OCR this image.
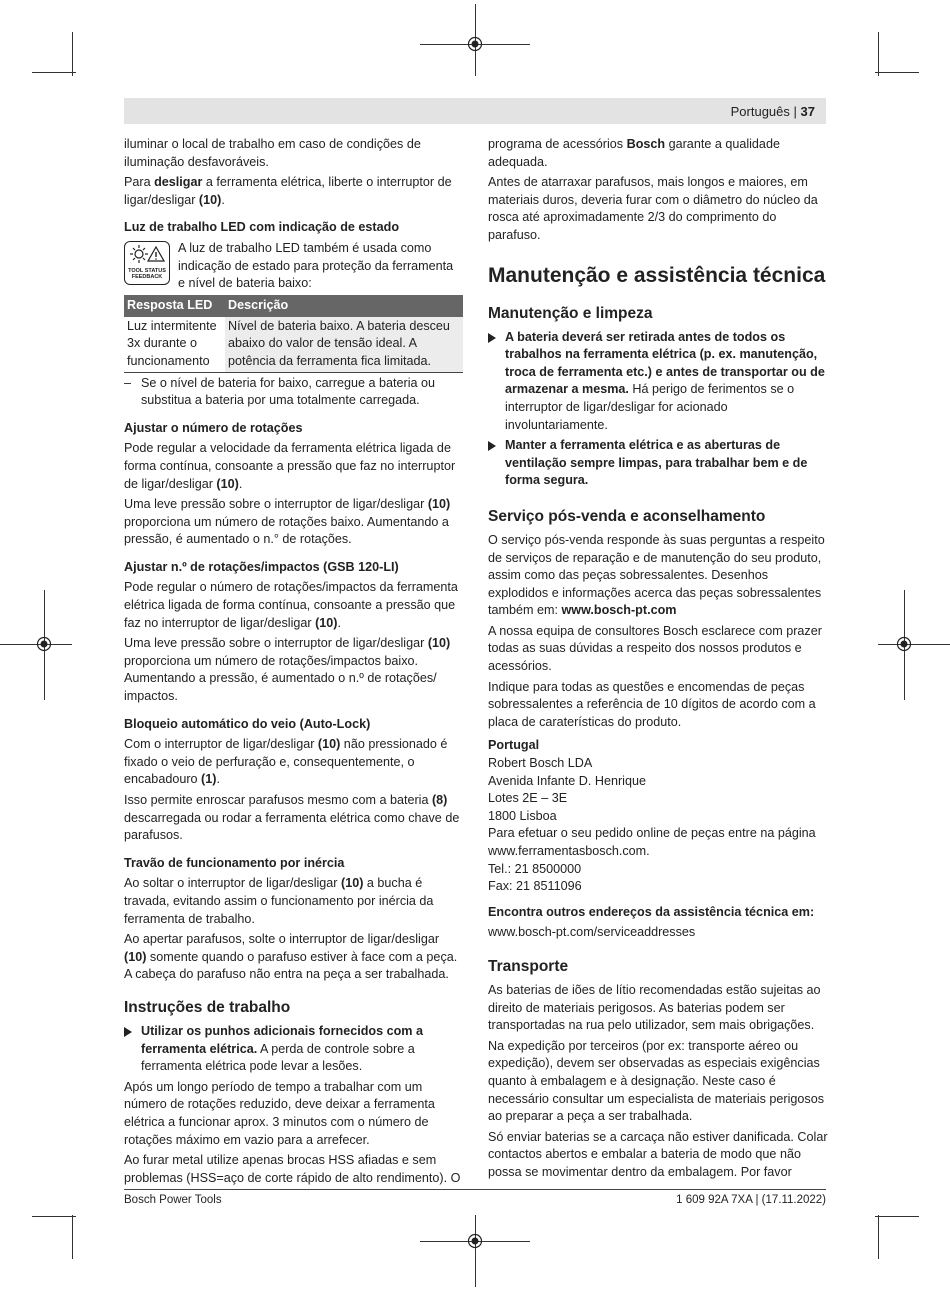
Português | 37

iluminar o local de trabalho em caso de condições de iluminação desfavoráveis.

Para desligar a ferramenta elétrica, liberte o interruptor de ligar/desligar (10).

Luz de trabalho LED com indicação de estado
TOOL STATUS
FEEDBACK
A luz de trabalho LED também é usada como indicação de estado para proteção da ferramenta e nível de bateria baixo:
Resposta LED	Descrição
Luz intermitente 3x durante o funcionamento	Nível de bateria baixo. A bateria desceu abaixo do valor de tensão ideal. A potência da ferramenta fica limitada.
– Se o nível de bateria for baixo, carregue a bateria ou substitua a bateria por uma totalmente carregada.
Ajustar o número de rotações

Pode regular a velocidade da ferramenta elétrica ligada de forma contínua, consoante a pressão que faz no interruptor de ligar/desligar (10).

Uma leve pressão sobre o interruptor de ligar/desligar (10) proporciona um número de rotações baixo. Aumentando a pressão, é aumentado o n.° de rotações.

Ajustar n.º de rotações/impactos (GSB 120-LI)

Pode regular o número de rotações/impactos da ferramenta elétrica ligada de forma contínua, consoante a pressão que faz no interruptor de ligar/desligar (10).

Uma leve pressão sobre o interruptor de ligar/desligar (10) proporciona um número de rotações/impactos baixo. Aumentando a pressão, é aumentado o n.º de rotações/ impactos.

Bloqueio automático do veio (Auto-Lock)

Com o interruptor de ligar/desligar (10) não pressionado é fixado o veio de perfuração e, consequentemente, o encabadouro (1).

Isso permite enroscar parafusos mesmo com a bateria (8) descarregada ou rodar a ferramenta elétrica como chave de parafusos.

Travão de funcionamento por inércia

Ao soltar o interruptor de ligar/desligar (10) a bucha é travada, evitando assim o funcionamento por inércia da ferramenta de trabalho.

Ao apertar parafusos, solte o interruptor de ligar/desligar (10) somente quando o parafuso estiver à face com a peça. A cabeça do parafuso não entra na peça a ser trabalhada.

Instruções de trabalho
Utilizar os punhos adicionais fornecidos com a ferramenta elétrica. A perda de controle sobre a ferramenta elétrica pode levar a lesões.

Após um longo período de tempo a trabalhar com um número de rotações reduzido, deve deixar a ferramenta elétrica a funcionar aprox. 3 minutos com o número de rotações máximo em vazio para a arrefecer.

Ao furar metal utilize apenas brocas HSS afiadas e sem problemas (HSS=aço de corte rápido de alto rendimento). O

programa de acessórios Bosch garante a qualidade adequada.

Antes de atarraxar parafusos, mais longos e maiores, em materiais duros, deveria furar com o diâmetro do núcleo da rosca até aproximadamente 2/3 do comprimento do parafuso.

Manutenção e assistência técnica
Manutenção e limpeza
A bateria deverá ser retirada antes de todos os trabalhos na ferramenta elétrica (p. ex. manutenção, troca de ferramenta etc.) e antes de transportar ou de armazenar a mesma. Há perigo de ferimentos se o interruptor de ligar/desligar for acionado involuntariamente.
Manter a ferramenta elétrica e as aberturas de ventilação sempre limpas, para trabalhar bem e de forma segura.
Serviço pós-venda e aconselhamento

O serviço pós-venda responde às suas perguntas a respeito de serviços de reparação e de manutenção do seu produto, assim como das peças sobressalentes. Desenhos explodidos e informações acerca das peças sobressalentes também em: www.bosch-pt.com

A nossa equipa de consultores Bosch esclarece com prazer todas as suas dúvidas a respeito dos nossos produtos e acessórios.

Indique para todas as questões e encomendas de peças sobressalentes a referência de 10 dígitos de acordo com a placa de caraterísticas do produto.

Portugal
Robert Bosch LDA
Avenida Infante D. Henrique
Lotes 2E – 3E
1800 Lisboa
Para efetuar o seu pedido online de peças entre na página www.ferramentasbosch.com.
Tel.: 21 8500000
Fax: 21 8511096
Encontra outros endereços da assistência técnica em:

www.bosch-pt.com/serviceaddresses

Transporte

As baterias de iões de lítio recomendadas estão sujeitas ao direito de materiais perigosos. As baterias podem ser transportadas na rua pelo utilizador, sem mais obrigações.

Na expedição por terceiros (por ex: transporte aéreo ou expedição), devem ser observadas as especiais exigências quanto à embalagem e à designação. Neste caso é necessário consultar um especialista de materiais perigosos ao preparar a peça a ser trabalhada.

Só enviar baterias se a carcaça não estiver danificada. Colar contactos abertos e embalar a bateria de modo que não possa se movimentar dentro da embalagem. Por favor

Bosch Power Tools	1 609 92A 7XA | (17.11.2022)
